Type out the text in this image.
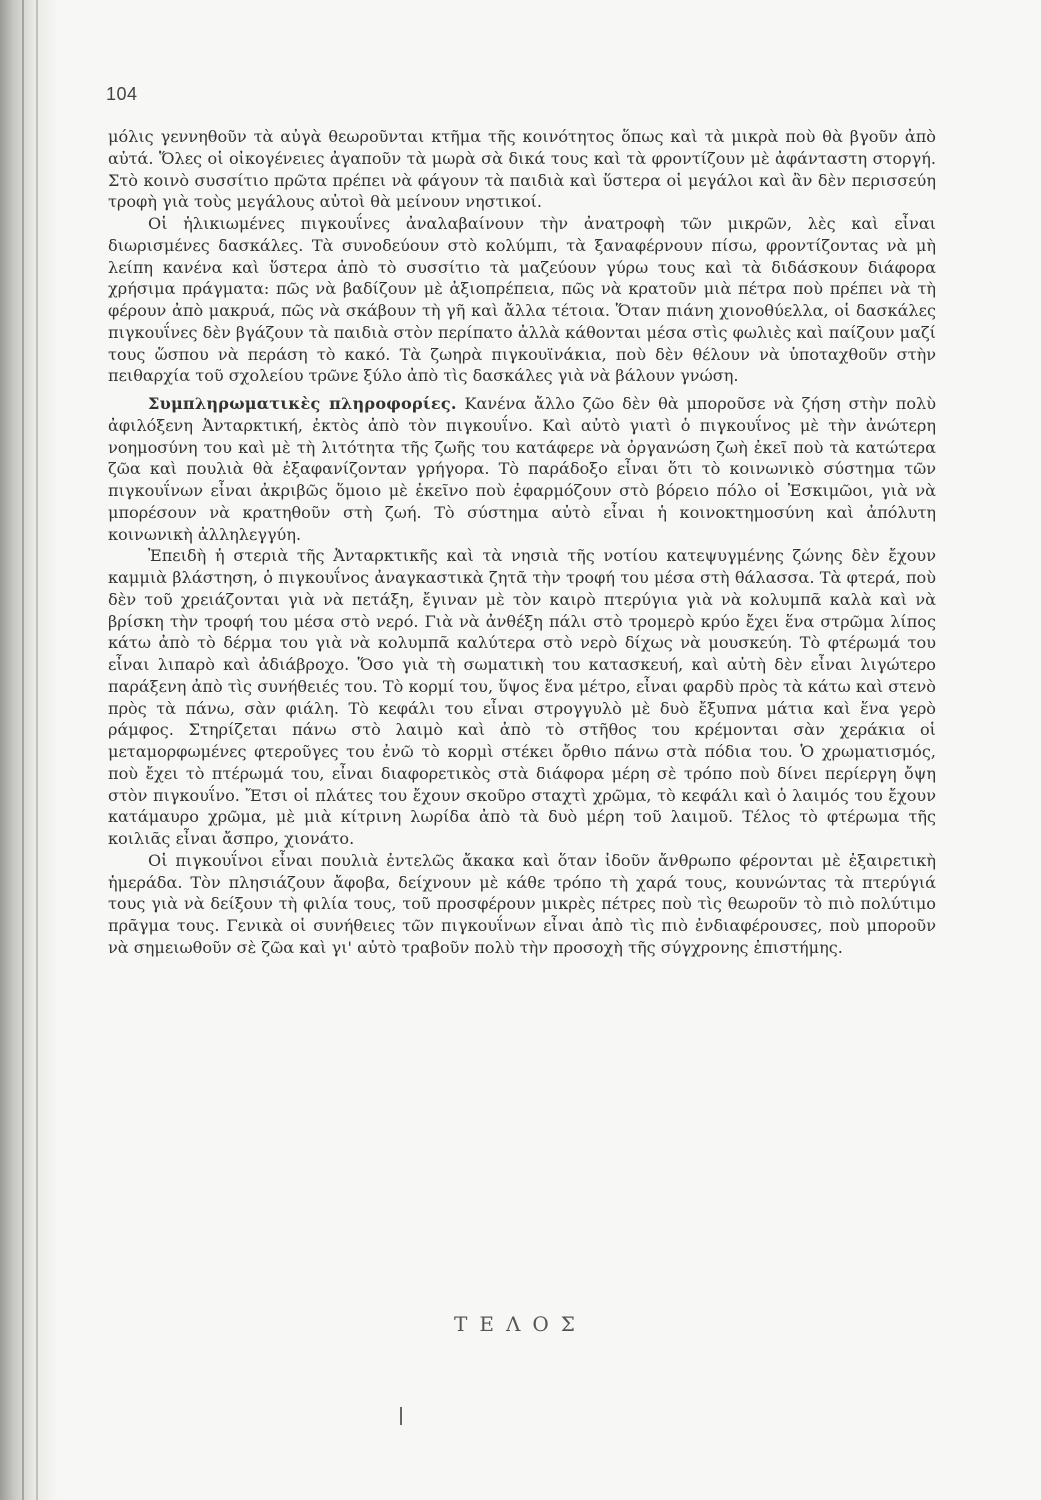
104

μόλις γεννηθοῦν τὰ αὐγὰ θεωροῦνται κτῆμα τῆς κοινότητος ὅπως καὶ τὰ μικρὰ ποὺ θὰ βγοῦν ἀπὸ αὐτά. Ὅλες οἱ οἰκογένειες ἀγαποῦν τὰ μωρὰ σὰ δικά τους καὶ τὰ φροντίζουν μὲ ἀφάνταστη στοργή. Στὸ κοινὸ συσσίτιο πρῶτα πρέπει νὰ φάγουν τὰ παιδιὰ καὶ ὕστερα οἱ μεγάλοι καὶ ἂν δὲν περισσεύη τροφὴ γιὰ τοὺς μεγάλους αὐτοὶ θὰ μείνουν νηστικοί.

Οἱ ἡλικιωμένες πιγκουΐνες ἀναλαβαίνουν τὴν ἀνατροφὴ τῶν μικρῶν, λὲς καὶ εἶναι διωρισμένες δασκάλες. Τὰ συνοδεύουν στὸ κολύμπι, τὰ ξαναφέρνουν πίσω, φροντίζοντας νὰ μὴ λείπη κανένα καὶ ὕστερα ἀπὸ τὸ συσσίτιο τὰ μαζεύουν γύρω τους καὶ τὰ διδάσκουν διάφορα χρήσιμα πράγματα: πῶς νὰ βαδίζουν μὲ ἀξιοπρέπεια, πῶς νὰ κρατοῦν μιὰ πέτρα ποὺ πρέπει νὰ τὴ φέρουν ἀπὸ μακρυά, πῶς νὰ σκάβουν τὴ γῆ καὶ ἄλλα τέτοια. Ὅταν πιάνη χιονοθύελλα, οἱ δασκάλες πιγκουΐνες δὲν βγάζουν τὰ παιδιὰ στὸν περίπατο ἀλλὰ κάθονται μέσα στὶς φωλιὲς καὶ παίζουν μαζί τους ὥσπου νὰ περάση τὸ κακό. Τὰ ζωηρὰ πιγκουϊνάκια, ποὺ δὲν θέλουν νὰ ὑποταχθοῦν στὴν πειθαρχία τοῦ σχολείου τρῶνε ξύλο ἀπὸ τὶς δασκάλες γιὰ νὰ βάλουν γνώση.

Συμπληρωματικὲς πληροφορίες. Κανένα ἄλλο ζῶο δὲν θὰ μποροῦσε νὰ ζήση στὴν πολὺ ἀφιλόξενη Ἀνταρκτική, ἐκτὸς ἀπὸ τὸν πιγκουΐνο. Καὶ αὐτὸ γιατὶ ὁ πιγκουΐνος μὲ τὴν ἀνώτερη νοημοσύνη του καὶ μὲ τὴ λιτότητα τῆς ζωῆς του κατάφερε νὰ ὀργανώση ζωὴ ἐκεῖ ποὺ τὰ κατώτερα ζῶα καὶ πουλιὰ θὰ ἐξαφανίζονταν γρήγορα. Τὸ παράδοξο εἶναι ὅτι τὸ κοινωνικὸ σύστημα τῶν πιγκουΐνων εἶναι ἀκριβῶς ὅμοιο μὲ ἐκεῖνο ποὺ ἐφαρμόζουν στὸ βόρειο πόλο οἱ Ἐσκιμῶοι, γιὰ νὰ μπορέσουν νὰ κρατηθοῦν στὴ ζωή. Τὸ σύστημα αὐτὸ εἶναι ἡ κοινοκτημοσύνη καὶ ἀπόλυτη κοινωνικὴ ἀλληλεγγύη.

Ἐπειδὴ ἡ στεριὰ τῆς Ἀνταρκτικῆς καὶ τὰ νησιὰ τῆς νοτίου κατεψυγμένης ζώνης δὲν ἔχουν καμμιὰ βλάστηση, ὁ πιγκουΐνος ἀναγκαστικὰ ζητᾶ τὴν τροφή του μέσα στὴ θάλασσα. Τὰ φτερά, ποὺ δὲν τοῦ χρειάζονται γιὰ νὰ πετάξη, ἔγιναν μὲ τὸν καιρὸ πτερύγια γιὰ νὰ κολυμπᾶ καλὰ καὶ νὰ βρίσκη τὴν τροφή του μέσα στὸ νερό. Γιὰ νὰ ἀνθέξη πάλι στὸ τρομερὸ κρύο ἔχει ἕνα στρῶμα λίπος κάτω ἀπὸ τὸ δέρμα του γιὰ νὰ κολυμπᾶ καλύτερα στὸ νερὸ δίχως νὰ μουσκεύη. Τὸ φτέρωμά του εἶναι λιπαρὸ καὶ ἀδιάβροχο. Ὅσο γιὰ τὴ σωματικὴ του κατασκευή, καὶ αὐτὴ δὲν εἶναι λιγώτερο παράξενη ἀπὸ τὶς συνήθειές του. Τὸ κορμί του, ὕψος ἕνα μέτρο, εἶναι φαρδὺ πρὸς τὰ κάτω καὶ στενὸ πρὸς τὰ πάνω, σὰν φιάλη. Τὸ κεφάλι του εἶναι στρογγυλὸ μὲ δυὸ ἔξυπνα μάτια καὶ ἕνα γερὸ ράμφος. Στηρίζεται πάνω στὸ λαιμὸ καὶ ἀπὸ τὸ στῆθος του κρέμονται σὰν χεράκια οἱ μεταμορφωμένες φτεροῦγες του ἐνῶ τὸ κορμὶ στέκει ὄρθιο πάνω στὰ πόδια του. Ὁ χρωματισμός, ποὺ ἔχει τὸ πτέρωμά του, εἶναι διαφορετικὸς στὰ διάφορα μέρη σὲ τρόπο ποὺ δίνει περίεργη ὄψη στὸν πιγκουΐνο. Ἔτσι οἱ πλάτες του ἔχουν σκοῦρο σταχτὶ χρῶμα, τὸ κεφάλι καὶ ὁ λαιμός του ἔχουν κατάμαυρο χρῶμα, μὲ μιὰ κίτρινη λωρίδα ἀπὸ τὰ δυὸ μέρη τοῦ λαιμοῦ. Τέλος τὸ φτέρωμα τῆς κοιλιᾶς εἶναι ἄσπρο, χιονάτο.

Οἱ πιγκουΐνοι εἶναι πουλιὰ ἐντελῶς ἄκακα καὶ ὅταν ἰδοῦν ἄνθρωπο φέρονται μὲ ἐξαιρετικὴ ἡμεράδα. Τὸν πλησιάζουν ἄφοβα, δείχνουν μὲ κάθε τρόπο τὴ χαρά τους, κουνώντας τὰ πτερύγιά τους γιὰ νὰ δείξουν τὴ φιλία τους, τοῦ προσφέρουν μικρὲς πέτρες ποὺ τὶς θεωροῦν τὸ πιὸ πολύτιμο πρᾶγμα τους. Γενικὰ οἱ συνήθειες τῶν πιγκουΐνων εἶναι ἀπὸ τὶς πιὸ ἐνδιαφέρουσες, ποὺ μποροῦν νὰ σημειωθοῦν σὲ ζῶα καὶ γι' αὐτὸ τραβοῦν πολὺ τὴν προσοχὴ τῆς σύγχρονης ἐπιστήμης.

ΤΕΛΟΣ
